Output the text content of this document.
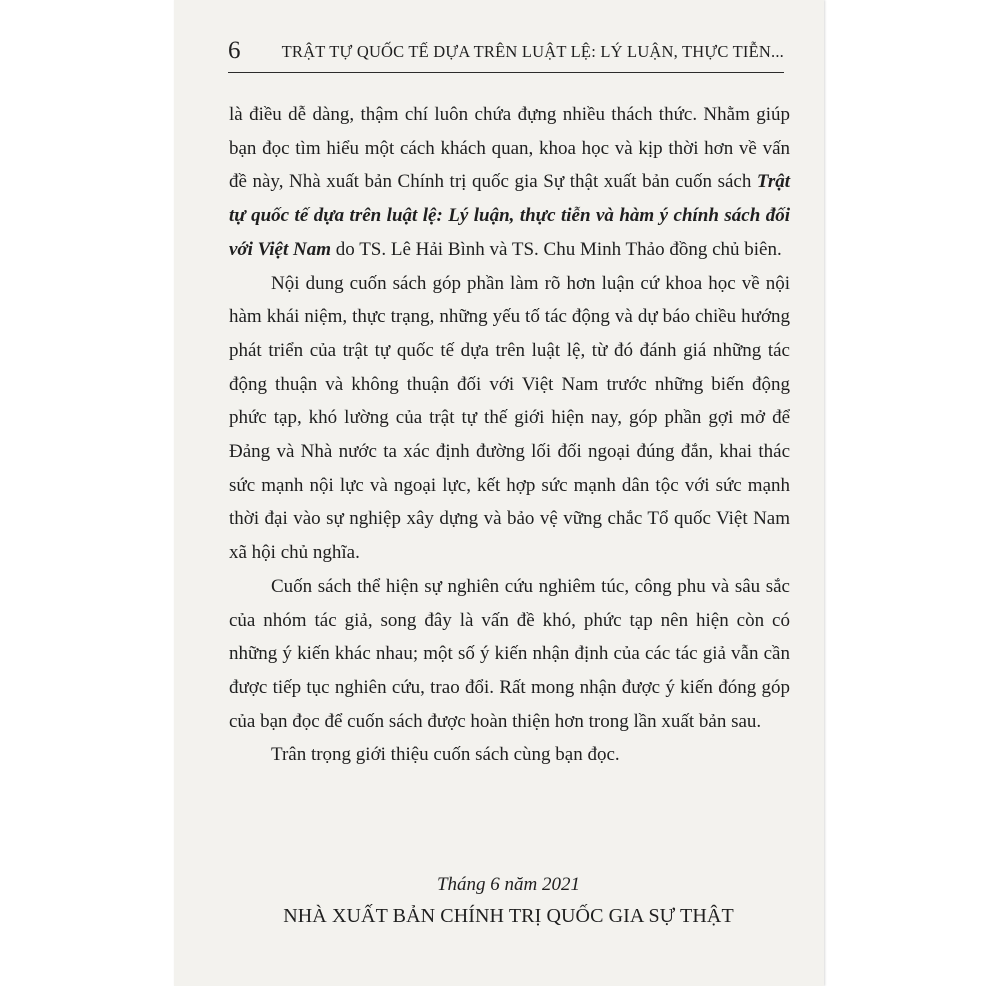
6 TRẬT TỰ QUỐC TẾ DỰA TRÊN LUẬT LỆ: LÝ LUẬN, THỰC TIỄN...

là điều dễ dàng, thậm chí luôn chứa đựng nhiều thách thức. Nhằm giúp bạn đọc tìm hiểu một cách khách quan, khoa học và kịp thời hơn về vấn đề này, Nhà xuất bản Chính trị quốc gia Sự thật xuất bản cuốn sách Trật tự quốc tế dựa trên luật lệ: Lý luận, thực tiễn và hàm ý chính sách đối với Việt Nam do TS. Lê Hải Bình và TS. Chu Minh Thảo đồng chủ biên.

Nội dung cuốn sách góp phần làm rõ hơn luận cứ khoa học về nội hàm khái niệm, thực trạng, những yếu tố tác động và dự báo chiều hướng phát triển của trật tự quốc tế dựa trên luật lệ, từ đó đánh giá những tác động thuận và không thuận đối với Việt Nam trước những biến động phức tạp, khó lường của trật tự thế giới hiện nay, góp phần gợi mở để Đảng và Nhà nước ta xác định đường lối đối ngoại đúng đắn, khai thác sức mạnh nội lực và ngoại lực, kết hợp sức mạnh dân tộc với sức mạnh thời đại vào sự nghiệp xây dựng và bảo vệ vững chắc Tổ quốc Việt Nam xã hội chủ nghĩa.

Cuốn sách thể hiện sự nghiên cứu nghiêm túc, công phu và sâu sắc của nhóm tác giả, song đây là vấn đề khó, phức tạp nên hiện còn có những ý kiến khác nhau; một số ý kiến nhận định của các tác giả vẫn cần được tiếp tục nghiên cứu, trao đổi. Rất mong nhận được ý kiến đóng góp của bạn đọc để cuốn sách được hoàn thiện hơn trong lần xuất bản sau.

Trân trọng giới thiệu cuốn sách cùng bạn đọc.

Tháng 6 năm 2021

NHÀ XUẤT BẢN CHÍNH TRỊ QUỐC GIA SỰ THẬT
